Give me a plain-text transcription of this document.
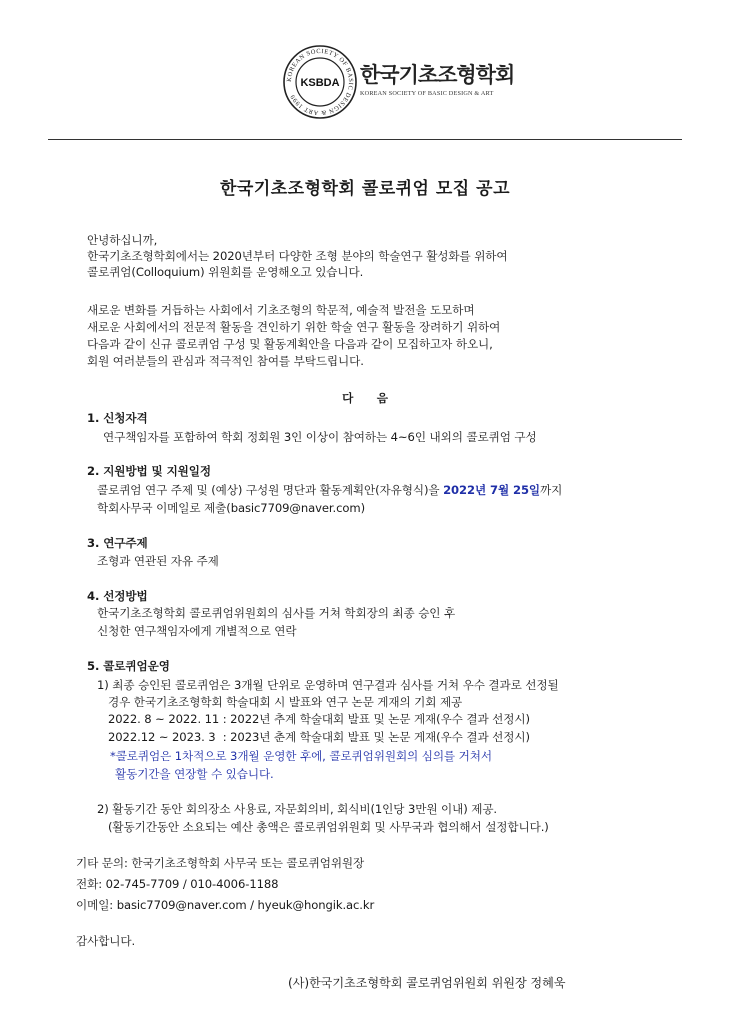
KOREAN SOCIETY OF BASIC DESIGN & ART 1999
KSBDA 한국기초조형학회
KOREAN SOCIETY OF BASIC DESIGN & ART
한국기초조형학회 콜로퀴엄 모집 공고
안녕하십니까,
한국기초조형학회에서는 2020년부터 다양한 조형 분야의 학술연구 활성화를 위하여
콜로퀴엄(Colloquium) 위원회를 운영해오고 있습니다.
새로운 변화를 거듭하는 사회에서 기초조형의 학문적, 예술적 발전을 도모하며
새로운 사회에서의 전문적 활동을 견인하기 위한 학술 연구 활동을 장려하기 위하여
다음과 같이 신규 콜로퀴엄 구성 및 활동계획안을 다음과 같이 모집하고자 하오니,
회원 여러분들의 관심과 적극적인 참여를 부탁드립니다.
다      음
1. 신청자격
연구책임자를 포함하여 학회 정회원 3인 이상이 참여하는 4~6인 내외의 콜로퀴엄 구성
2. 지원방법 및 지원일정
콜로퀴엄 연구 주제 및 (예상) 구성원 명단과 활동계획안(자유형식)을 2022년 7월 25일까지
학회사무국 이메일로 제출(basic7709@naver.com)
3. 연구주제
조형과 연관된 자유 주제
4. 선정방법
한국기초조형학회 콜로퀴엄위원회의 심사를 거쳐 학회장의 최종 승인 후
신청한 연구책임자에게 개별적으로 연락
5. 콜로퀴엄운영
1) 최종 승인된 콜로퀴엄은 3개월 단위로 운영하며 연구결과 심사를 거쳐 우수 결과로 선정될
경우 한국기초조형학회 학술대회 시 발표와 연구 논문 게재의 기회 제공
2022. 8 ~ 2022. 11 : 2022년 추계 학술대회 발표 및 논문 게재(우수 결과 선정시)
2022.12 ~ 2023. 3  : 2023년 춘계 학술대회 발표 및 논문 게재(우수 결과 선정시)
*콜로퀴엄은 1차적으로 3개월 운영한 후에, 콜로퀴엄위원회의 심의를 거쳐서
활동기간을 연장할 수 있습니다.
2) 활동기간 동안 회의장소 사용료, 자문회의비, 회식비(1인당 3만원 이내) 제공.
(활동기간동안 소요되는 예산 총액은 콜로퀴엄위원회 및 사무국과 협의해서 설정합니다.)
기타 문의: 한국기초조형학회 사무국 또는 콜로퀴엄위원장
전화: 02-745-7709 / 010-4006-1188
이메일: basic7709@naver.com / hyeuk@hongik.ac.kr
감사합니다.
(사)한국기초조형학회 콜로퀴엄위원회 위원장 정혜욱
